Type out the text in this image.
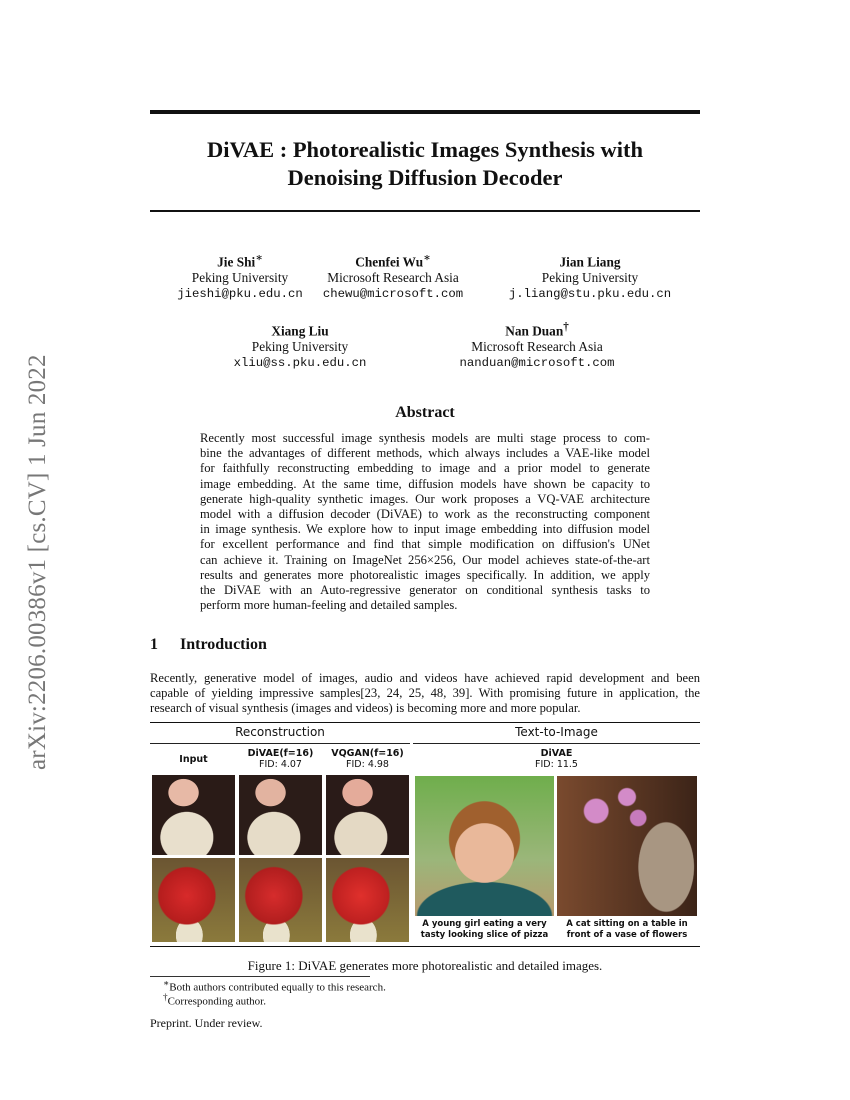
arXiv:2206.00386v1 [cs.CV] 1 Jun 2022
DiVAE : Photorealistic Images Synthesis with
Denoising Diffusion Decoder
Jie Shi∗
Peking University
jieshi@pku.edu.cn
Chenfei Wu∗
Microsoft Research Asia
chewu@microsoft.com
Jian Liang
Peking University
j.liang@stu.pku.edu.cn
Xiang Liu
Peking University
xliu@ss.pku.edu.cn
Nan Duan†
Microsoft Research Asia
nanduan@microsoft.com
Abstract
Recently most successful image synthesis models are multi stage process to com-
bine the advantages of different methods, which always includes a VAE-like model
for faithfully reconstructing embedding to image and a prior model to generate
image embedding. At the same time, diffusion models have shown be capacity to
generate high-quality synthetic images. Our work proposes a VQ-VAE architecture
model with a diffusion decoder (DiVAE) to work as the reconstructing component
in image synthesis. We explore how to input image embedding into diffusion model
for excellent performance and find that simple modification on diffusion's UNet
can achieve it. Training on ImageNet 256×256, Our model achieves state-of-the-art
results and generates more photorealistic images specifically. In addition, we apply
the DiVAE with an Auto-regressive generator on conditional synthesis tasks to
perform more human-feeling and detailed samples.
1 Introduction
Recently, generative model of images, audio and videos have achieved rapid development and been
capable of yielding impressive samples[23, 24, 25, 48, 39]. With promising future in application, the
research of visual synthesis (images and videos) is becoming more and more popular.
Reconstruction	Text-to-Image
Input
DiVAE(f=16)
FID: 4.07
VQGAN(f=16)
FID: 4.98
DiVAE
FID: 11.5
A young girl eating a very
tasty looking slice of pizza
A cat sitting on a table in
front of a vase of flowers
Figure 1: DiVAE generates more photorealistic and detailed images.
∗Both authors contributed equally to this research.
†Corresponding author.
Preprint. Under review.
